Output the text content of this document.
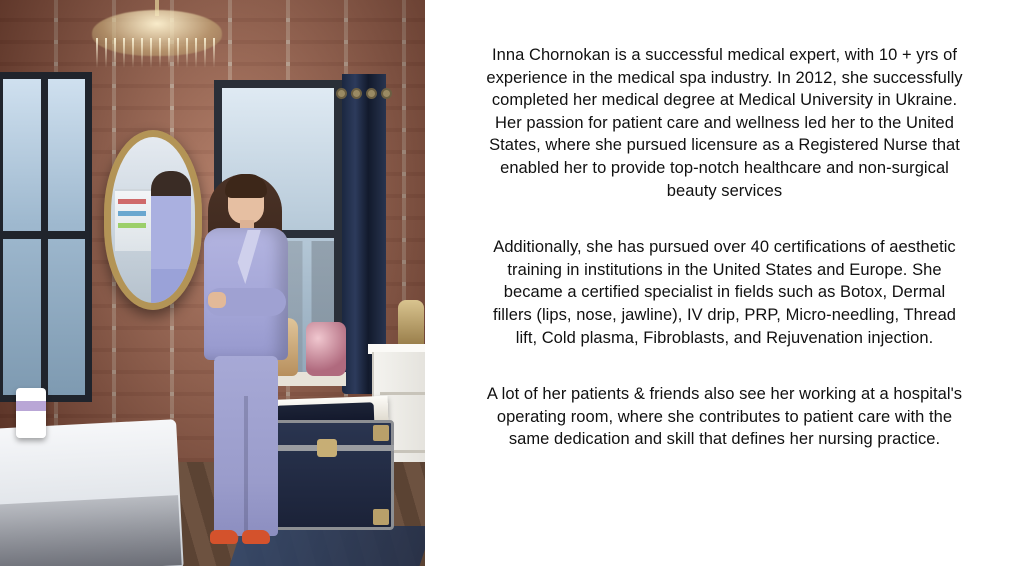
Inna Chornokan is a successful medical expert, with 10 + yrs of experience in the medical spa industry. In 2012, she successfully completed her medical degree at Medical University in Ukraine. Her passion for patient care and wellness led her to the United States, where she pursued licensure as a Registered Nurse that enabled her to provide top-notch healthcare and non-surgical beauty services

Additionally, she has pursued over 40 certifications of aesthetic training in institutions in the United States and Europe. She became a certified specialist in fields such as Botox, Dermal fillers (lips, nose, jawline), IV drip, PRP, Micro-needling, Thread lift, Cold plasma, Fibroblasts, and Rejuvenation injection.

A lot of her patients & friends also see her working at a hospital's operating room, where she contributes to patient care with the same dedication and skill that defines her nursing practice.
